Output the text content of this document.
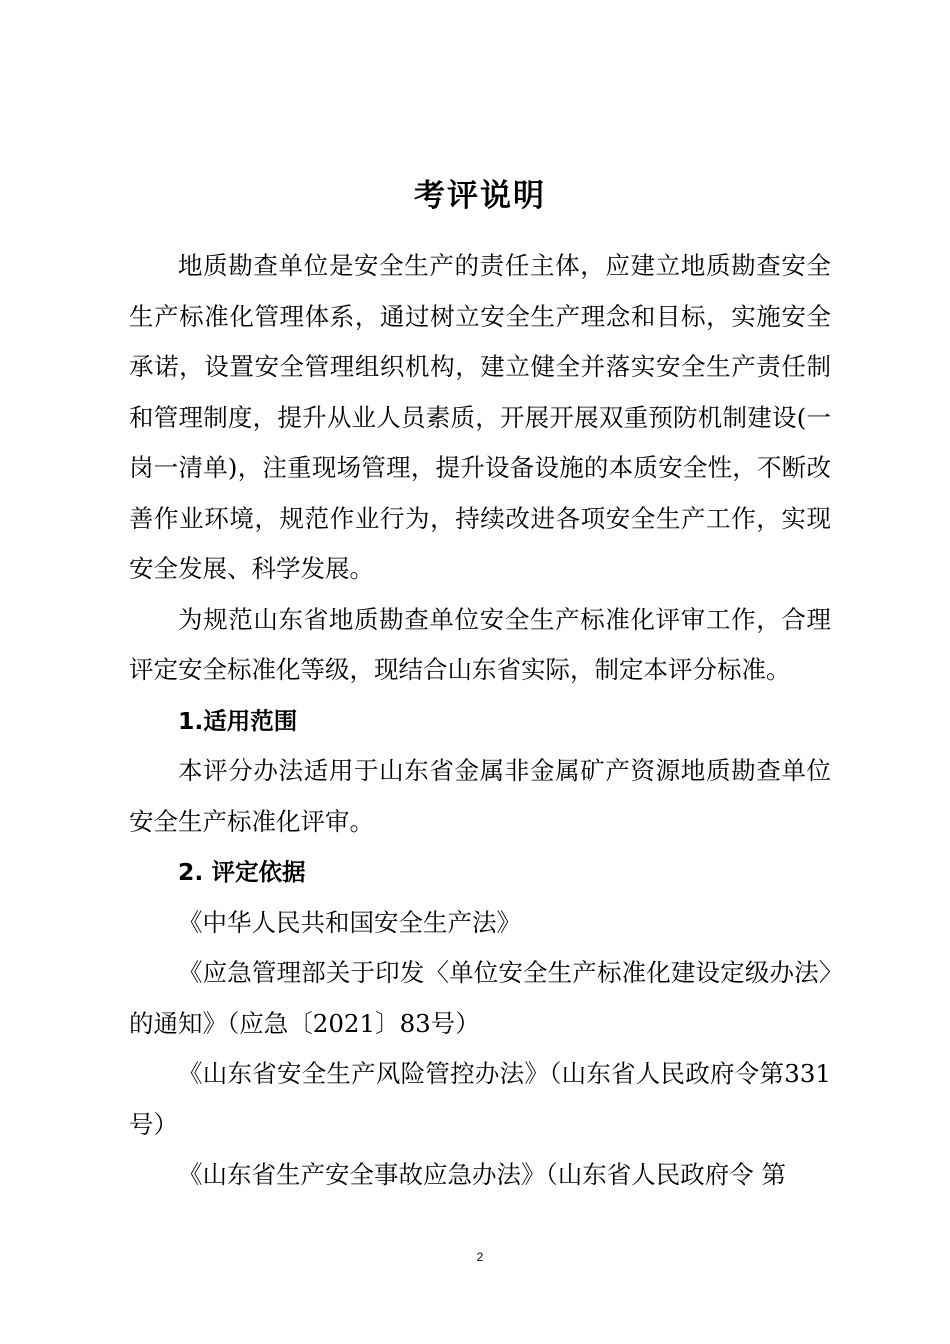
考评说明

地质勘查单位是安全生产的责任主体，应建立地质勘查安全生产标准化管理体系，通过树立安全生产理念和目标，实施安全承诺，设置安全管理组织机构，建立健全并落实安全生产责任制和管理制度，提升从业人员素质，开展开展双重预防机制建设(一岗一清单)，注重现场管理，提升设备设施的本质安全性，不断改善作业环境，规范作业行为，持续改进各项安全生产工作，实现安全发展、科学发展。

为规范山东省地质勘查单位安全生产标准化评审工作，合理评定安全标准化等级，现结合山东省实际，制定本评分标准。

1.适用范围

本评分办法适用于山东省金属非金属矿产资源地质勘查单位安全生产标准化评审。

2. 评定依据

《中华人民共和国安全生产法》

《应急管理部关于印发〈单位安全生产标准化建设定级办法〉的通知》（应急〔2021〕83号）

《山东省安全生产风险管控办法》（山东省人民政府令第331 号）

《山东省生产安全事故应急办法》（山东省人民政府令 第

2
